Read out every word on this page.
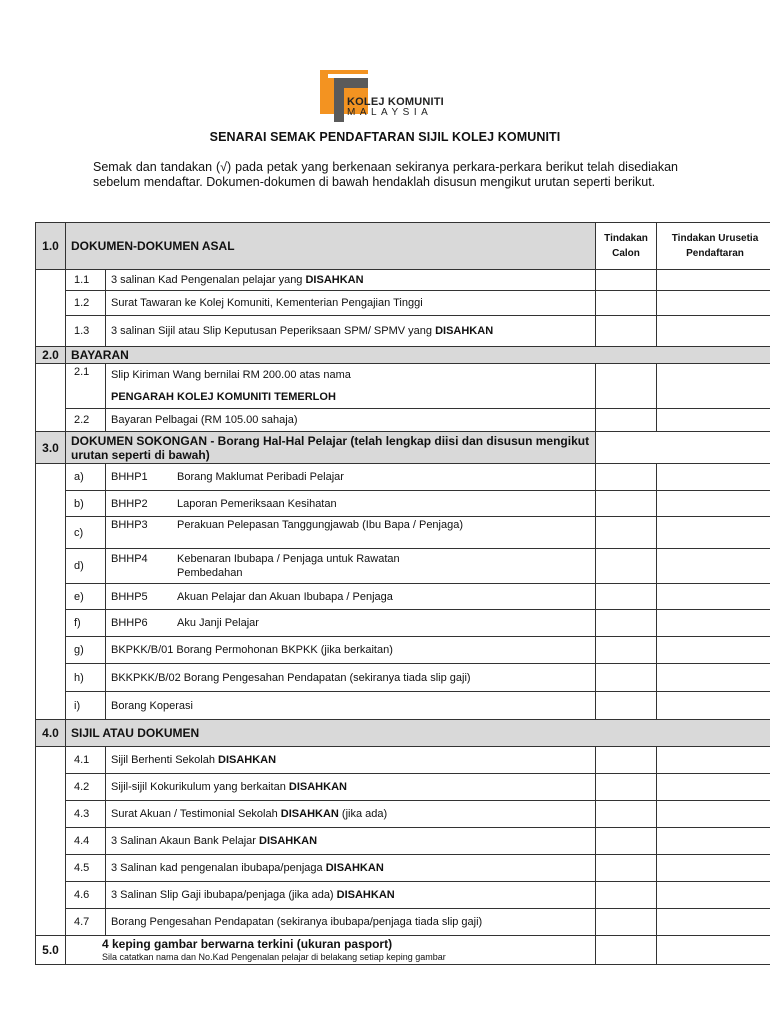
KOLEJ KOMUNITI
MALAYSIA
SENARAI SEMAK PENDAFTARAN SIJIL KOLEJ KOMUNITI
Semak dan tandakan (√) pada petak yang berkenaan sekiranya perkara-perkara berikut telah disediakan sebelum mendaftar. Dokumen-dokumen di bawah hendaklah disusun mengikut urutan seperti berikut.
1.0	DOKUMEN-DOKUMEN ASAL		Tindakan Calon	Tindakan Urusetia Pendaftaran
	1.1	3 salinan Kad Pengenalan pelajar yang DISAHKAN		
	1.2	Surat Tawaran ke Kolej Komuniti, Kementerian Pengajian Tinggi		
	1.3	3 salinan Sijil atau Slip Keputusan Peperiksaan SPM/ SPMV yang DISAHKAN		
2.0	BAYARAN			
	2.1	Slip Kiriman Wang bernilai RM 200.00 atas nama
PENGARAH KOLEJ KOMUNITI TEMERLOH		
	2.2	Bayaran Pelbagai (RM 105.00 sahaja)		
3.0	DOKUMEN SOKONGAN - Borang Hal-Hal Pelajar (telah lengkap diisi dan disusun mengikut urutan seperti di bawah)			
	a)	BHHP1 Borang Maklumat Peribadi Pelajar		
	b)	BHHP2 Laporan Pemeriksaan Kesihatan		
	c)	BHHP3 Perakuan Pelepasan Tanggungjawab (Ibu Bapa / Penjaga)		
	d)	BHHP4 Kebenaran Ibubapa / Penjaga untuk Rawatan Pembedahan		

	e)	BHHP5 Akuan Pelajar dan Akuan Ibubapa / Penjaga		
	f)	BHHP6 Aku Janji Pelajar		
	g)	BKPKK/B/01 Borang Permohonan BKPKK (jika berkaitan)		
	h)	BKKPKK/B/02 Borang Pengesahan Pendapatan (sekiranya tiada slip gaji)		
	i)	Borang Koperasi		
4.0	SIJIL ATAU DOKUMEN			
	4.1	Sijil Berhenti Sekolah DISAHKAN		
	4.2	Sijil-sijil Kokurikulum yang berkaitan DISAHKAN		
	4.3	Surat Akuan / Testimonial Sekolah DISAHKAN (jika ada)		
	4.4	3 Salinan Akaun Bank Pelajar DISAHKAN		
	4.5	3 Salinan kad pengenalan ibubapa/penjaga DISAHKAN		
	4.6	3 Salinan Slip Gaji ibubapa/penjaga (jika ada) DISAHKAN		
	4.7	Borang Pengesahan Pendapatan (sekiranya ibubapa/penjaga tiada slip gaji)		
5.0	4 keping gambar berwarna terkini (ukuran pasport)
Sila catatkan nama dan No.Kad Pengenalan pelajar di belakang setiap keping gambar			
